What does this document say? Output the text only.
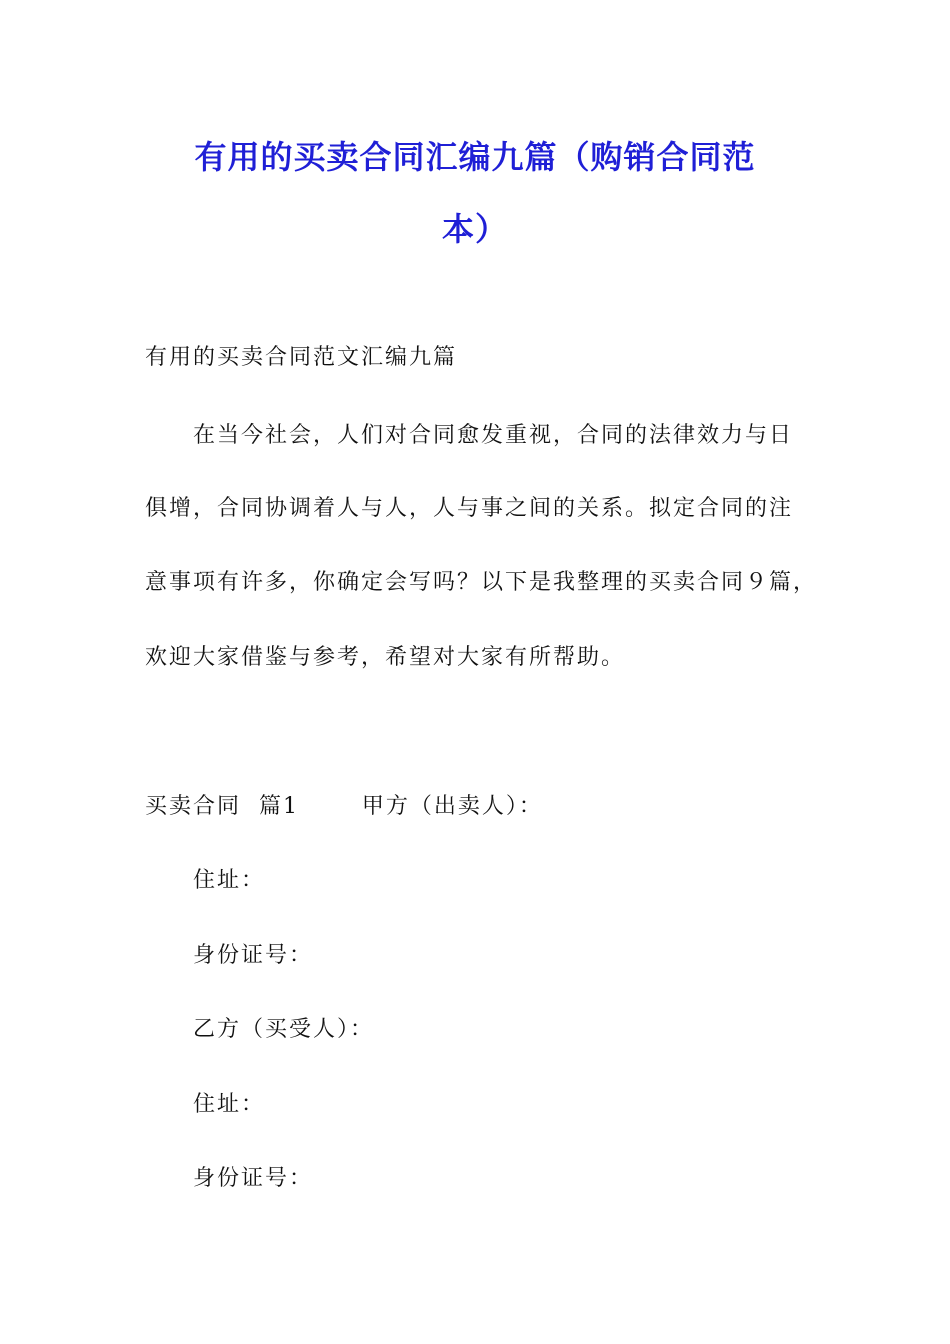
有用的买卖合同汇编九篇（购销合同范
本）
有用的买卖合同范文汇编九篇
在当今社会，人们对合同愈发重视，合同的法律效力与日
俱增，合同协调着人与人，人与事之间的关系。拟定合同的注
意事项有许多，你确定会写吗？以下是我整理的买卖合同９篇，
欢迎大家借鉴与参考，希望对大家有所帮助。
买卖合同  篇1       甲方（出卖人）：
住址：
身份证号：
乙方（买受人）：
住址：
身份证号：
